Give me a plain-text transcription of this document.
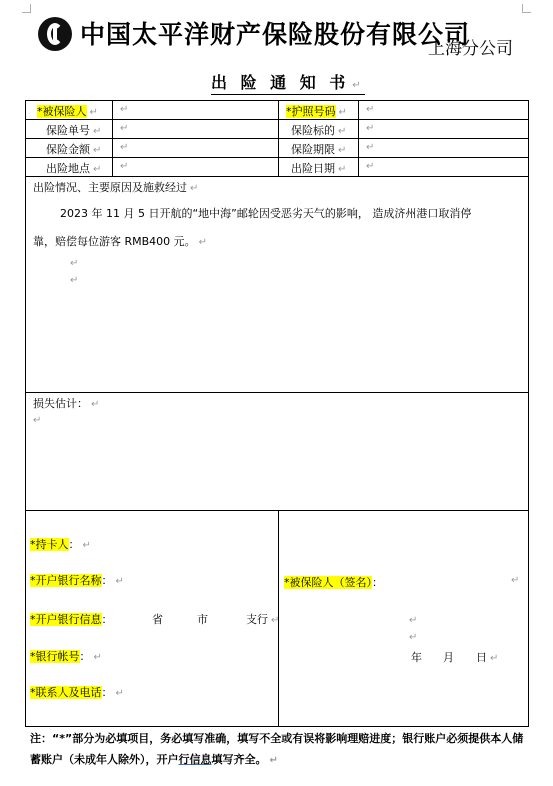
中国太平洋财产保险股份有限公司
上海分公司
出 险 通 知 书 ↵
*被保险人 ↵ ↵	*护照号码 ↵ ↵
保险单号 ↵ ↵	保险标的 ↵ ↵
保险金额 ↵ ↵	保险期限 ↵ ↵
出险地点 ↵ ↵	出险日期 ↵ ↵
出险情况、主要原因及施救经过 ↵
2023 年 11 月 5 日开航的“地中海”邮轮因受恶劣天气的影响， 造成济州港口取消停
靠，赔偿每位游客 RMB400 元。 ↵
↵
↵
损失估计： ↵
↵
*持卡人： ↵
*开户银行名称： ↵
*开户银行信息：	省	市	支行 ↵
*银行帐号： ↵
*联系人及电话： ↵
↵
*被保险人（签名）：
↵
↵
年 月 日 ↵
注：“*”部分为必填项目，务必填写准确，填写不全或有误将影响理赔进度；银行账户必须提供本人储蓄账户（未成年人除外），开户行信息填写齐全。 ↵
